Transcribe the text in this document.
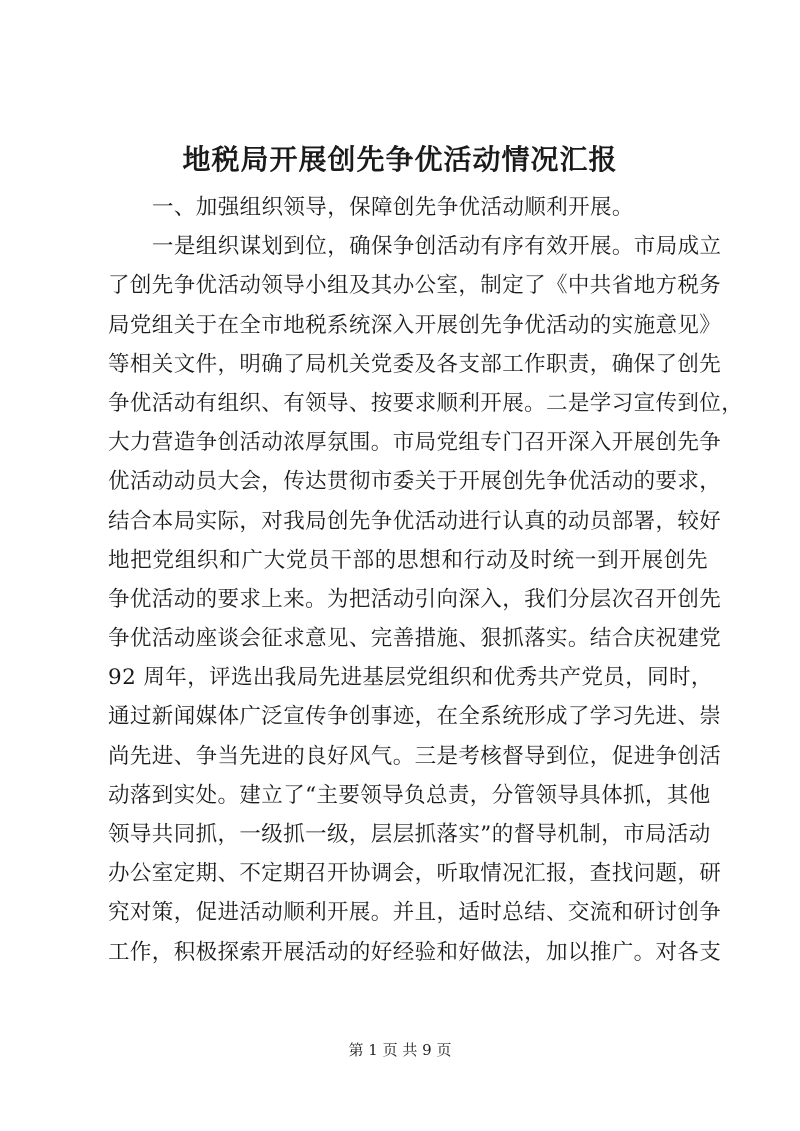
地税局开展创先争优活动情况汇报
一、加强组织领导，保障创先争优活动顺利开展。
一是组织谋划到位，确保争创活动有序有效开展。市局成立
了创先争优活动领导小组及其办公室，制定了《中共省地方税务
局党组关于在全市地税系统深入开展创先争优活动的实施意见》
等相关文件，明确了局机关党委及各支部工作职责，确保了创先
争优活动有组织、有领导、按要求顺利开展。二是学习宣传到位，
大力营造争创活动浓厚氛围。市局党组专门召开深入开展创先争
优活动动员大会，传达贯彻市委关于开展创先争优活动的要求，
结合本局实际，对我局创先争优活动进行认真的动员部署，较好
地把党组织和广大党员干部的思想和行动及时统一到开展创先
争优活动的要求上来。为把活动引向深入，我们分层次召开创先
争优活动座谈会征求意见、完善措施、狠抓落实。结合庆祝建党
92 周年，评选出我局先进基层党组织和优秀共产党员，同时，
通过新闻媒体广泛宣传争创事迹，在全系统形成了学习先进、崇
尚先进、争当先进的良好风气。三是考核督导到位，促进争创活
动落到实处。建立了“主要领导负总责，分管领导具体抓，其他
领导共同抓，一级抓一级，层层抓落实”的督导机制，市局活动
办公室定期、不定期召开协调会，听取情况汇报，查找问题，研
究对策，促进活动顺利开展。并且，适时总结、交流和研讨创争
工作，积极探索开展活动的好经验和好做法，加以推广。对各支
第 1 页 共 9 页
